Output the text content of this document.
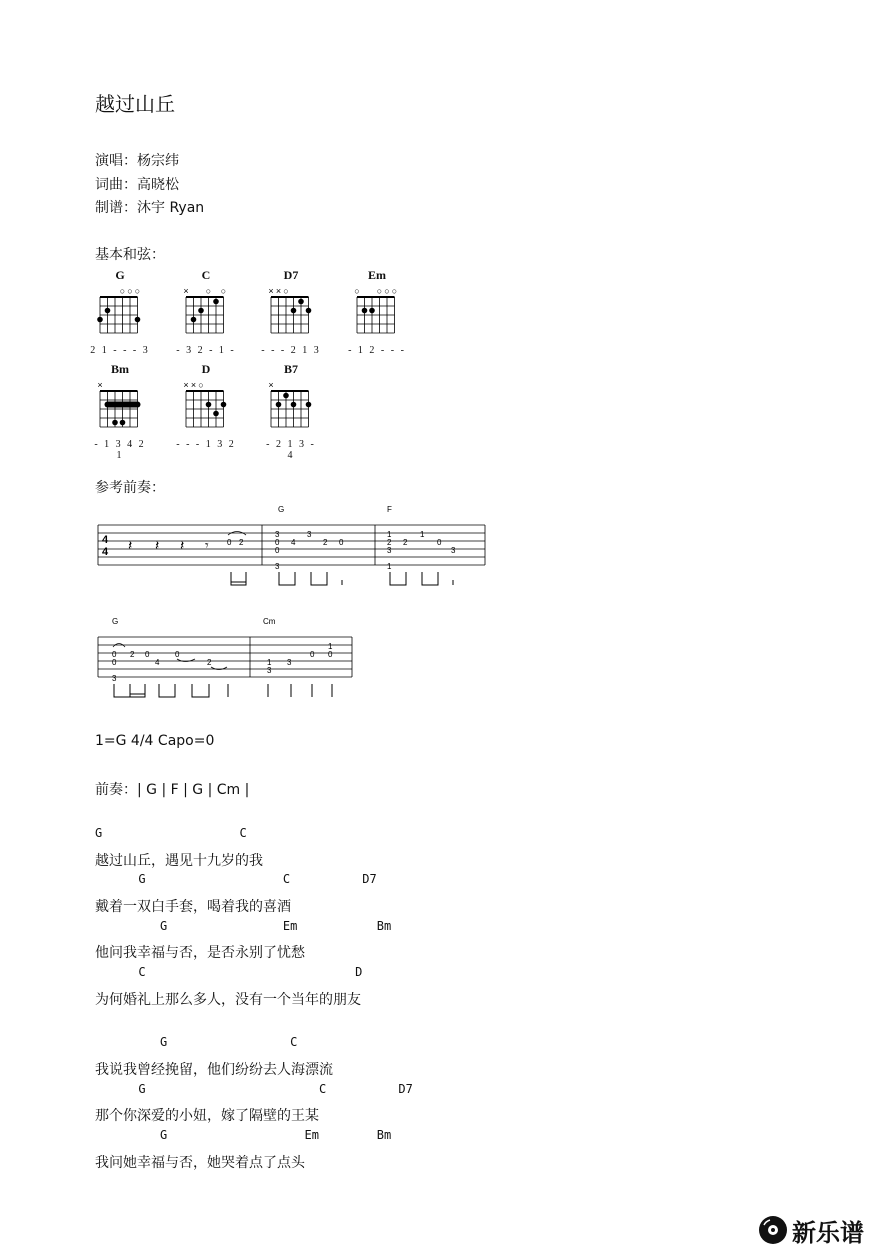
越过山丘
演唱：杨宗纬
词曲：高晓松
制谱：沐宇 Ryan
基本和弦：
G
○ ○ ○
2 1 - - - 3
C
× ○ ○
- 3 2 - 1 -
D7
× × ○
- - - 2 1 3
Em
○ ○ ○ ○
- 1 2 - - -
Bm
×
- 1 3 4 2 1
D
× × ○
- - - 1 3 2
B7
×
- 2 1 3 - 4
参考前奏：
G	F
4
4 𝄽 𝄽 𝄽 𝄾 0 2
3
0
0
3
4
3
2 0
1
2
3
1
2
1
0
3
G	Cm
0
0
3
2 0
4
0
2	1
3
3
0
1
0
1=G 4/4 Capo=0
前奏：| G | F | G | Cm |
G                   C
越过山丘，遇见十九岁的我
G                   C          D7
戴着一双白手套，喝着我的喜酒
G                Em           Bm
他问我幸福与否，是否永别了忧愁
C                             D
为何婚礼上那么多人，没有一个当年的朋友
G                 C
我说我曾经挽留，他们纷纷去人海漂流
G                        C          D7
那个你深爱的小妞，嫁了隔壁的王某
G                   Em        Bm
我问她幸福与否，她哭着点了点头
新乐谱
